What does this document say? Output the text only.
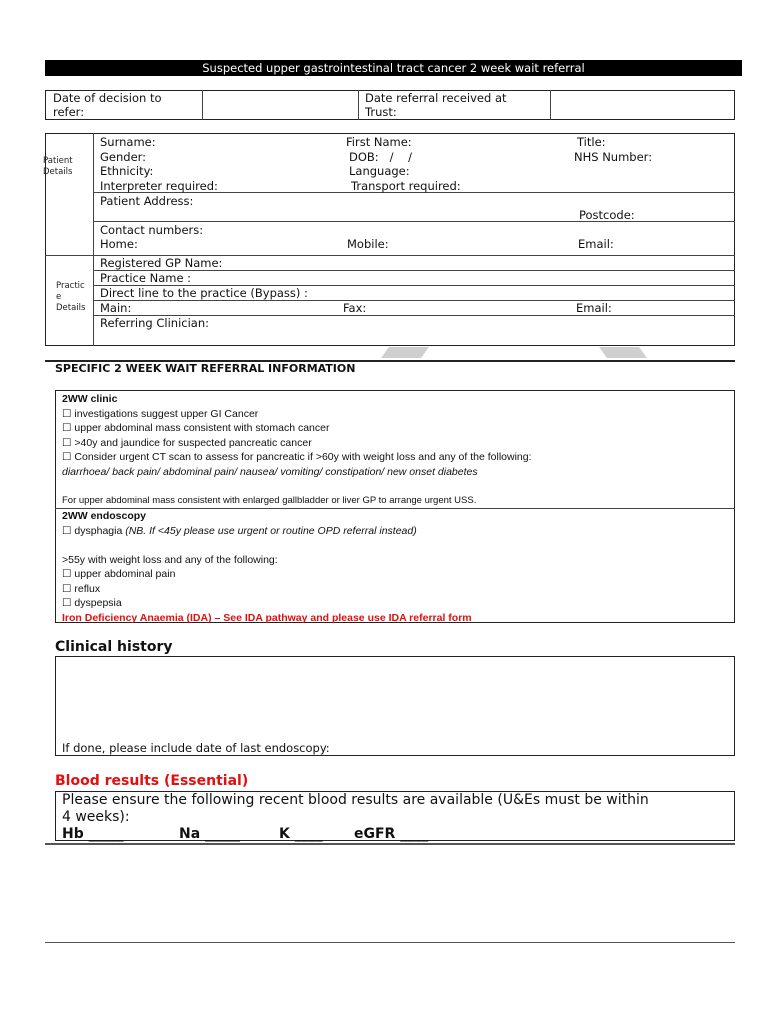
Suspected upper gastrointestinal tract cancer 2 week wait referral
Date of decision to
refer:
Date referral received at
Trust:
Patient
Details
Practic
e
Details
Surname:	First Name:	Title:
Gender:	DOB:   /    /	NHS Number:
Ethnicity:	Language:
Interpreter required:	Transport required:
Patient Address:
Postcode:
Contact numbers:
Home:	Mobile:	Email:
Registered GP Name:
Practice Name :
Direct line to the practice (Bypass) :
Main:	Fax:	Email:
Referring Clinician:
SPECIFIC 2 WEEK WAIT REFERRAL INFORMATION
2WW clinic
☐ investigations suggest upper GI Cancer
☐ upper abdominal mass consistent with stomach cancer
☐ >40y and jaundice for suspected pancreatic cancer
☐ Consider urgent CT scan to assess for pancreatic if >60y with weight loss and any of the following:
diarrhoea/ back pain/ abdominal pain/ nausea/ vomiting/ constipation/ new onset diabetes
For upper abdominal mass consistent with enlarged gallbladder or liver GP to arrange urgent USS.
2WW endoscopy
☐ dysphagia (NB. If <45y please use urgent or routine OPD referral instead)
>55y with weight loss and any of the following:
☐ upper abdominal pain
☐ reflux
☐ dyspepsia
Iron Deficiency Anaemia (IDA) – See IDA pathway and please use IDA referral form
Clinical history
If done, please include date of last endoscopy:
Blood results (Essential)
Please ensure the following recent blood results are available (U&Es must be within
4 weeks):
Hb _____	Na _____	K ____ eGFR ____
